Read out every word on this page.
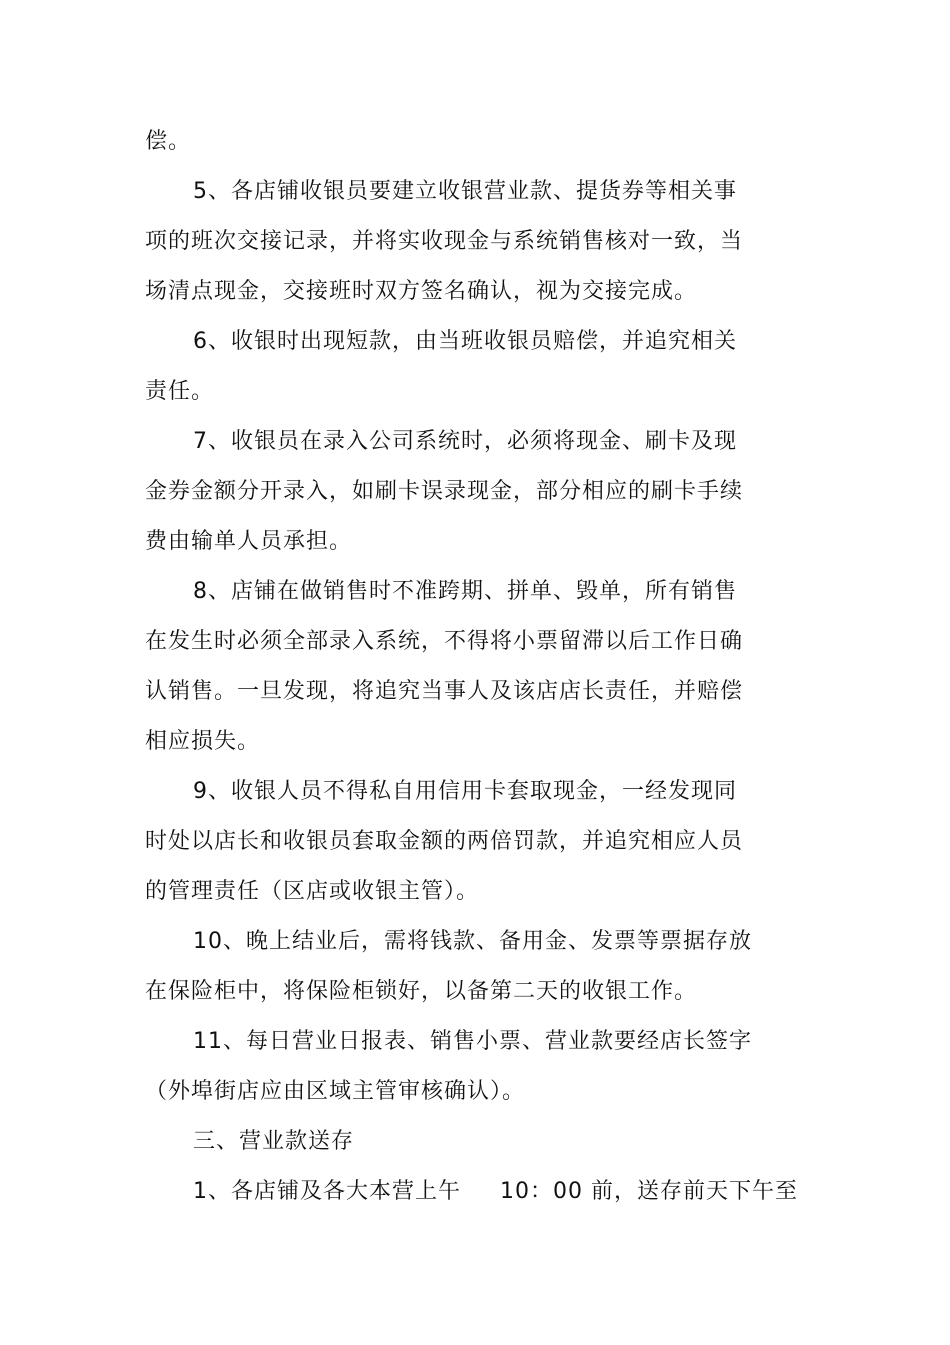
偿。
5、各店铺收银员要建立收银营业款、提货券等相关事
项的班次交接记录，并将实收现金与系统销售核对一致，当
场清点现金，交接班时双方签名确认，视为交接完成。
6、收银时出现短款，由当班收银员赔偿，并追究相关
责任。
7、收银员在录入公司系统时，必须将现金、刷卡及现
金券金额分开录入，如刷卡误录现金，部分相应的刷卡手续
费由输单人员承担。
8、店铺在做销售时不准跨期、拼单、毁单，所有销售
在发生时必须全部录入系统，不得将小票留滞以后工作日确
认销售。一旦发现，将追究当事人及该店店长责任，并赔偿
相应损失。
9、收银人员不得私自用信用卡套取现金，一经发现同
时处以店长和收银员套取金额的两倍罚款，并追究相应人员
的管理责任（区店或收银主管）。
10、晚上结业后，需将钱款、备用金、发票等票据存放
在保险柜中，将保险柜锁好，以备第二天的收银工作。
11、每日营业日报表、销售小票、营业款要经店长签字
（外埠街店应由区域主管审核确认）。
三、营业款送存
1、各店铺及各大本营上午　  10：00 前，送存前天下午至
